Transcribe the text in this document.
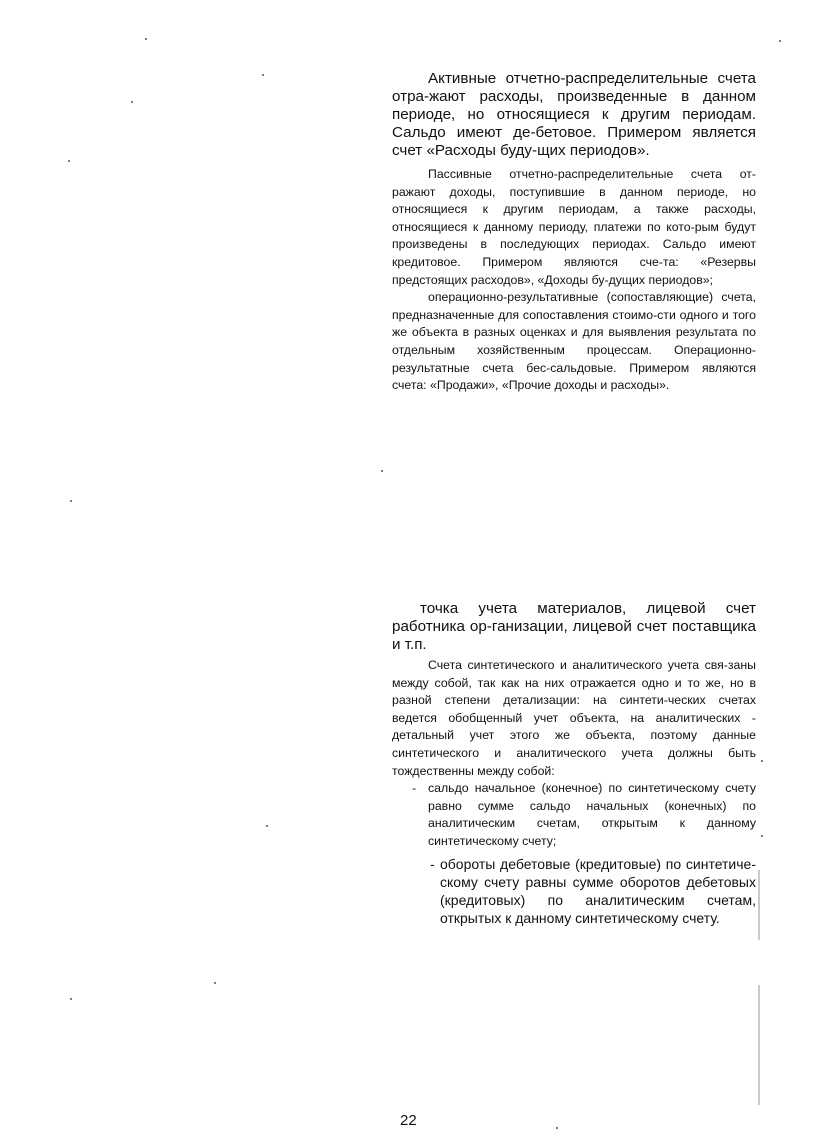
Активные отчетно-распределительные счета отра-жают расходы, произведенные в данном периоде, но относящиеся к другим периодам. Сальдо имеют де-бетовое. Примером является счет «Расходы буду-щих периодов».

Пассивные отчетно-распределительные счета от-ражают доходы, поступившие в данном периоде, но относящиеся к другим периодам, а также расходы, относящиеся к данному периоду, платежи по кото-рым будут произведены в последующих периодах. Сальдо имеют кредитовое. Примером являются сче-та: «Резервы предстоящих расходов», «Доходы бу-дущих периодов»;

операционно-результативные (сопоставляющие) счета, предназначенные для сопоставления стоимо-сти одного и того же объекта в разных оценках и для выявления результата по отдельным хозяйственным процессам. Операционно-результатные счета бес-сальдовые. Примером являются счета: «Продажи», «Прочие доходы и расходы».

точка учета материалов, лицевой счет работника ор-ганизации, лицевой счет поставщика и т.п.

Счета синтетического и аналитического учета свя-заны между собой, так как на них отражается одно и то же, но в разной степени детализации: на синтети-ческих счетах ведется обобщенный учет объекта, на аналитических - детальный учет этого же объекта, поэтому данные синтетического и аналитического учета должны быть тождественны между собой:

- сальдо начальное (конечное) по синтетическому счету равно сумме сальдо начальных (конечных) по аналитическим счетам, открытым к данному синтетическому счету;
- обороты дебетовые (кредитовые) по синтетиче-скому счету равны сумме оборотов дебетовых (кредитовых) по аналитическим счетам, открытых к данному синтетическому счету.
22
